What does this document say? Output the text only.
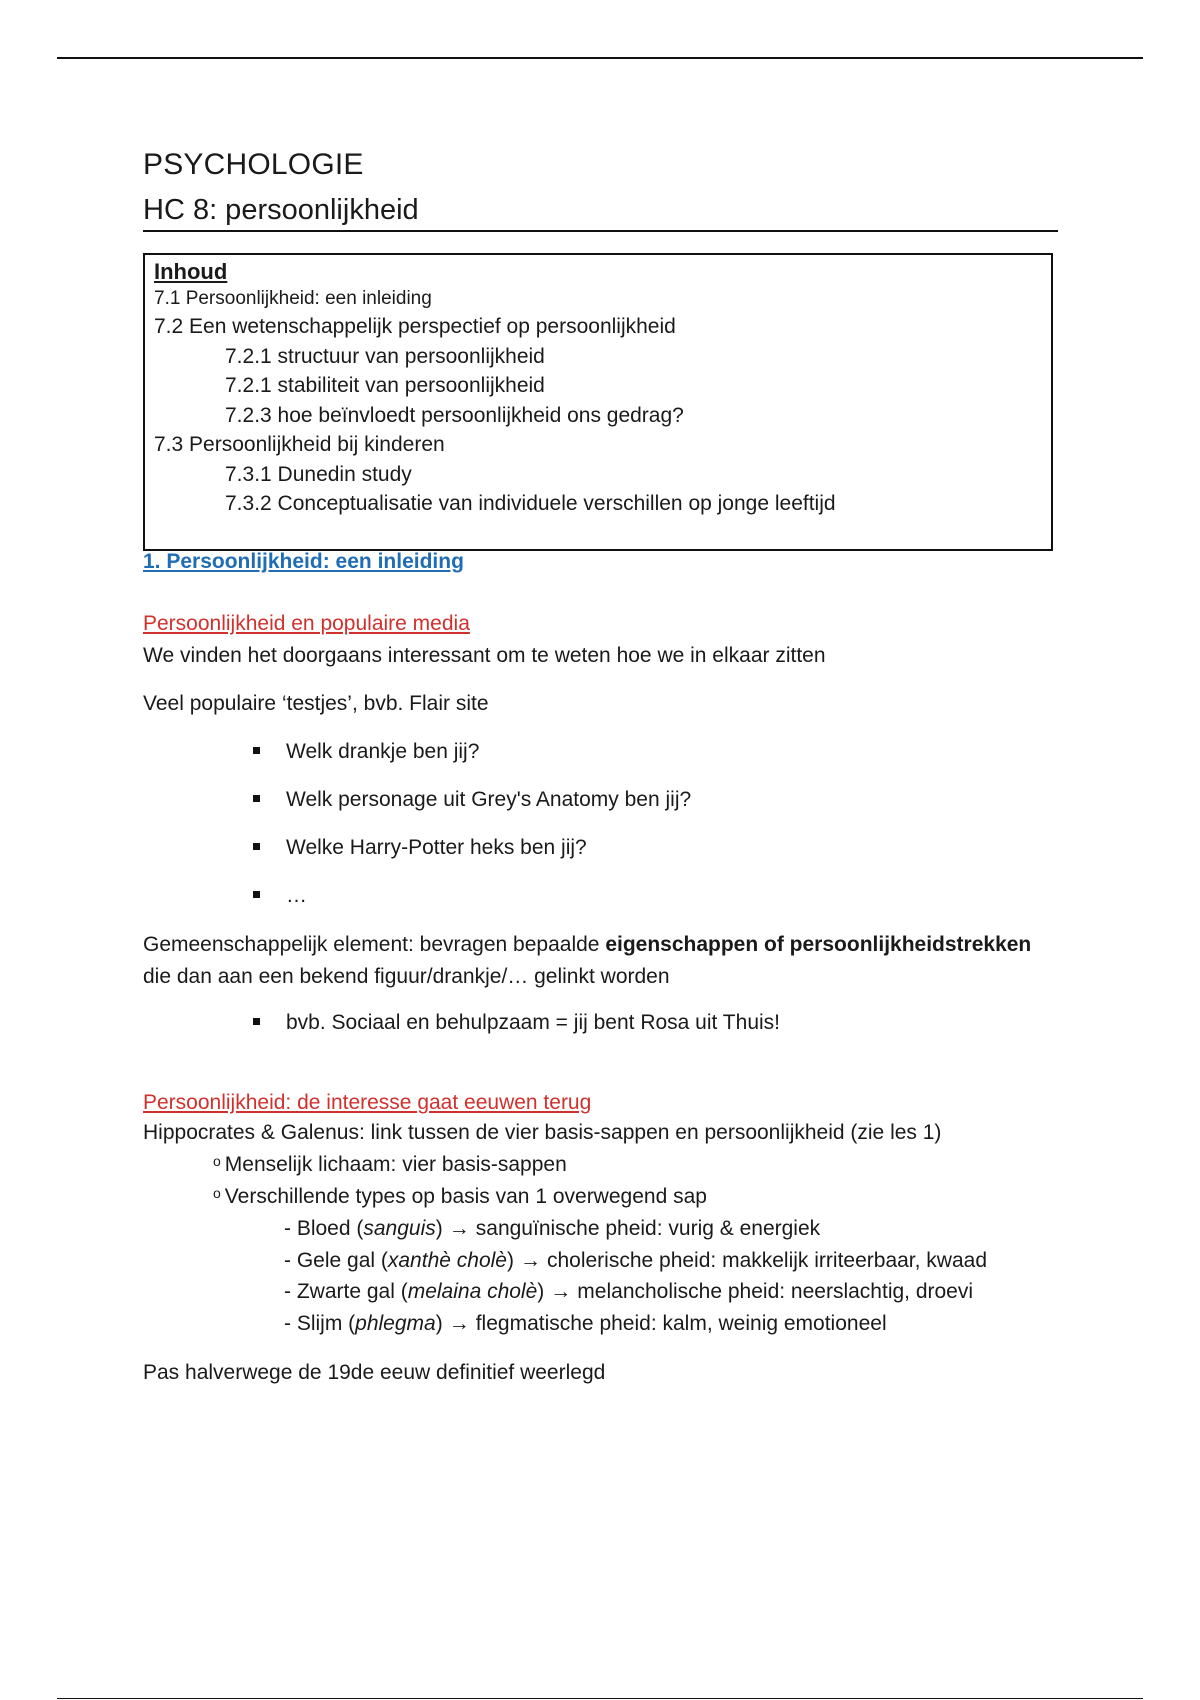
PSYCHOLOGIE
HC 8: persoonlijkheid
Inhoud
7.1 Persoonlijkheid: een inleiding
7.2 Een wetenschappelijk perspectief op persoonlijkheid
7.2.1 structuur van persoonlijkheid
7.2.1 stabiliteit van persoonlijkheid
7.2.3 hoe beïnvloedt persoonlijkheid ons gedrag?
7.3 Persoonlijkheid bij kinderen
7.3.1 Dunedin study
7.3.2 Conceptualisatie van individuele verschillen op jonge leeftijd
1. Persoonlijkheid: een inleiding
Persoonlijkheid en populaire media
We vinden het doorgaans interessant om te weten hoe we in elkaar zitten
Veel populaire ‘testjes’, bvb. Flair site
Welk drankje ben jij?
Welk personage uit Grey's Anatomy ben jij?
Welke Harry-Potter heks ben jij?
…
Gemeenschappelijk element: bevragen bepaalde eigenschappen of persoonlijkheidstrekken
die dan aan een bekend figuur/drankje/… gelinkt worden
bvb. Sociaal en behulpzaam = jij bent Rosa uit Thuis!
Persoonlijkheid: de interesse gaat eeuwen terug
Hippocrates & Galenus: link tussen de vier basis-sappen en persoonlijkheid (zie les 1)
$^o$ Menselijk lichaam: vier basis-sappen
$^o$ Verschillende types op basis van 1 overwegend sap
- Bloed (sanguis) → sanguïnische pheid: vurig & energiek
- Gele gal (xanthè cholè) → cholerische pheid: makkelijk irriteerbaar, kwaad
- Zwarte gal (melaina cholè) → melancholische pheid: neerslachtig, droevi
- Slijm (phlegma) → flegmatische pheid: kalm, weinig emotioneel
Pas halverwege de 19de eeuw definitief weerlegd
